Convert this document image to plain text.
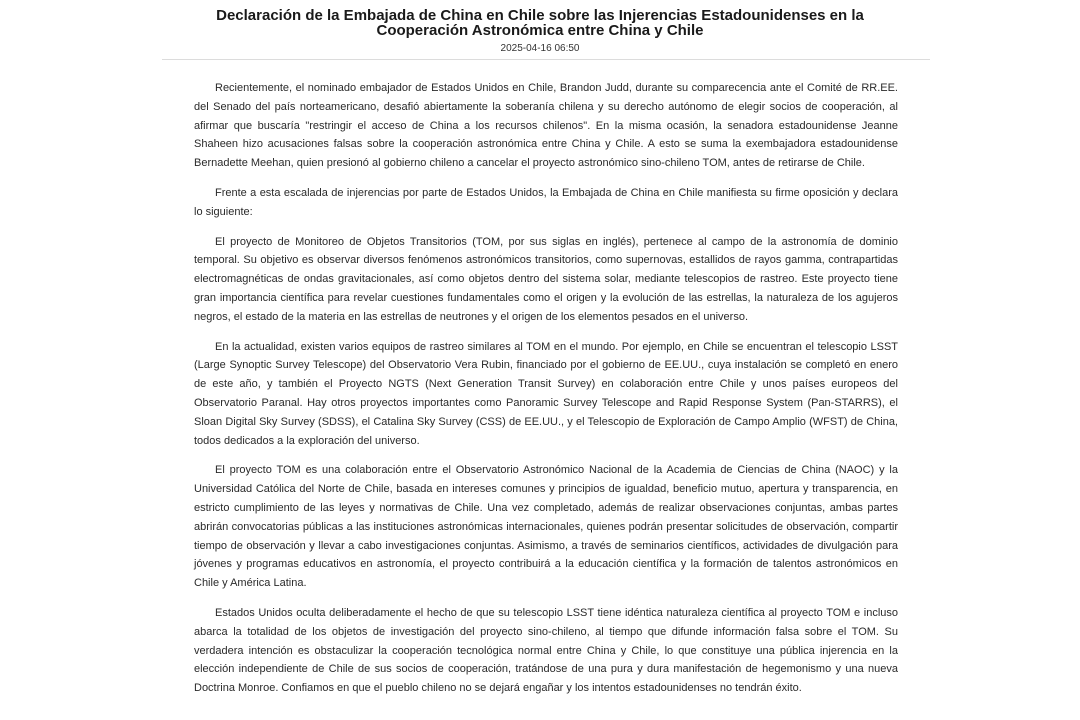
Declaración de la Embajada de China en Chile sobre las Injerencias Estadounidenses en la Cooperación Astronómica entre China y Chile
2025-04-16 06:50

Recientemente, el nominado embajador de Estados Unidos en Chile, Brandon Judd, durante su comparecencia ante el Comité de RR.EE. del Senado del país norteamericano, desafió abiertamente la soberanía chilena y su derecho autónomo de elegir socios de cooperación, al afirmar que buscaría "restringir el acceso de China a los recursos chilenos". En la misma ocasión, la senadora estadounidense Jeanne Shaheen hizo acusaciones falsas sobre la cooperación astronómica entre China y Chile. A esto se suma la exembajadora estadounidense Bernadette Meehan, quien presionó al gobierno chileno a cancelar el proyecto astronómico sino-chileno TOM, antes de retirarse de Chile.

Frente a esta escalada de injerencias por parte de Estados Unidos, la Embajada de China en Chile manifiesta su firme oposición y declara lo siguiente:

El proyecto de Monitoreo de Objetos Transitorios (TOM, por sus siglas en inglés), pertenece al campo de la astronomía de dominio temporal. Su objetivo es observar diversos fenómenos astronómicos transitorios, como supernovas, estallidos de rayos gamma, contrapartidas electromagnéticas de ondas gravitacionales, así como objetos dentro del sistema solar, mediante telescopios de rastreo. Este proyecto tiene gran importancia científica para revelar cuestiones fundamentales como el origen y la evolución de las estrellas, la naturaleza de los agujeros negros, el estado de la materia en las estrellas de neutrones y el origen de los elementos pesados en el universo.

En la actualidad, existen varios equipos de rastreo similares al TOM en el mundo. Por ejemplo, en Chile se encuentran el telescopio LSST (Large Synoptic Survey Telescope) del Observatorio Vera Rubin, financiado por el gobierno de EE.UU., cuya instalación se completó en enero de este año, y también el Proyecto NGTS (Next Generation Transit Survey) en colaboración entre Chile y unos países europeos del Observatorio Paranal. Hay otros proyectos importantes como Panoramic Survey Telescope and Rapid Response System (Pan-STARRS), el Sloan Digital Sky Survey (SDSS), el Catalina Sky Survey (CSS) de EE.UU., y el Telescopio de Exploración de Campo Amplio (WFST) de China, todos dedicados a la exploración del universo.

El proyecto TOM es una colaboración entre el Observatorio Astronómico Nacional de la Academia de Ciencias de China (NAOC) y la Universidad Católica del Norte de Chile, basada en intereses comunes y principios de igualdad, beneficio mutuo, apertura y transparencia, en estricto cumplimiento de las leyes y normativas de Chile. Una vez completado, además de realizar observaciones conjuntas, ambas partes abrirán convocatorias públicas a las instituciones astronómicas internacionales, quienes podrán presentar solicitudes de observación, compartir tiempo de observación y llevar a cabo investigaciones conjuntas. Asimismo, a través de seminarios científicos, actividades de divulgación para jóvenes y programas educativos en astronomía, el proyecto contribuirá a la educación científica y la formación de talentos astronómicos en Chile y América Latina.

Estados Unidos oculta deliberadamente el hecho de que su telescopio LSST tiene idéntica naturaleza científica al proyecto TOM e incluso abarca la totalidad de los objetos de investigación del proyecto sino-chileno, al tiempo que difunde información falsa sobre el TOM. Su verdadera intención es obstaculizar la cooperación tecnológica normal entre China y Chile, lo que constituye una pública injerencia en la elección independiente de Chile de sus socios de cooperación, tratándose de una pura y dura manifestación de hegemonismo y una nueva Doctrina Monroe. Confiamos en que el pueblo chileno no se dejará engañar y los intentos estadounidenses no tendrán éxito.
